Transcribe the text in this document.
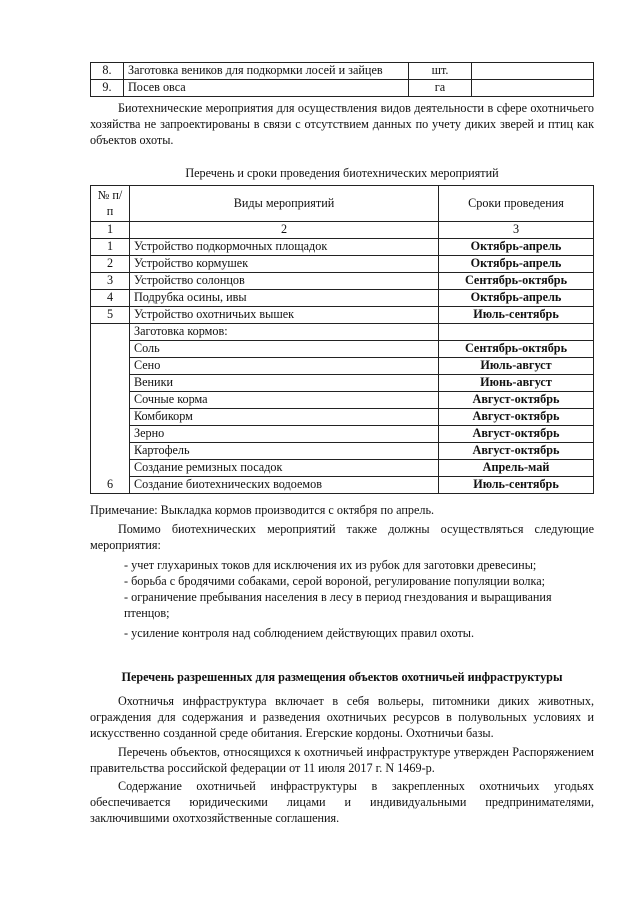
8.	Заготовка веников для подкормки лосей и зайцев	шт.	
9.	Посев овса	га	
Биотехнические мероприятия для осуществления видов деятельности в сфере охотничьего хозяйства не запроектированы в связи с отсутствием данных по учету диких зверей и птиц как объектов охоты.
Перечень и сроки проведения биотехнических мероприятий
№ п/п	Виды мероприятий	Сроки проведения
1	2	3
1	Устройство подкормочных площадок	Октябрь-апрель
2	Устройство кормушек	Октябрь-апрель
3	Устройство солонцов	Сентябрь-октябрь
4	Подрубка осины, ивы	Октябрь-апрель
5	Устройство охотничьих вышек	Июль-сентябрь
6	Заготовка кормов:	
	Соль	Сентябрь-октябрь
	Сено	Июль-август
	Веники	Июнь-август
	Сочные корма	Август-октябрь
	Комбикорм	Август-октябрь
	Зерно	Август-октябрь
	Картофель	Август-октябрь
	Создание ремизных посадок	Апрель-май
	Создание биотехнических водоемов	Июль-сентябрь
Примечание: Выкладка кормов производится с октября по апрель.
Помимо биотехнических мероприятий также должны осуществляться следующие мероприятия:
- учет глухариных токов для исключения их из рубок для заготовки древесины;
- борьба с бродячими собаками, серой вороной, регулирование популяции волка;
- ограничение пребывания населения в лесу в период гнездования и выращивания птенцов;
- усиление контроля над соблюдением действующих правил охоты.
Перечень разрешенных для размещения объектов охотничьей инфраструктуры
Охотничья инфраструктура включает в себя вольеры, питомники диких животных, ограждения для содержания и разведения охотничьих ресурсов в полувольных условиях и искусственно созданной среде обитания. Егерские кордоны. Охотничьи базы.
Перечень объектов, относящихся к охотничьей инфраструктуре утвержден Распоряжением правительства российской федерации от 11 июля 2017 г. N 1469-р.
Содержание охотничьей инфраструктуры в закрепленных охотничьих угодьях обеспечивается юридическими лицами и индивидуальными предпринимателями, заключившими охотхозяйственные соглашения.
